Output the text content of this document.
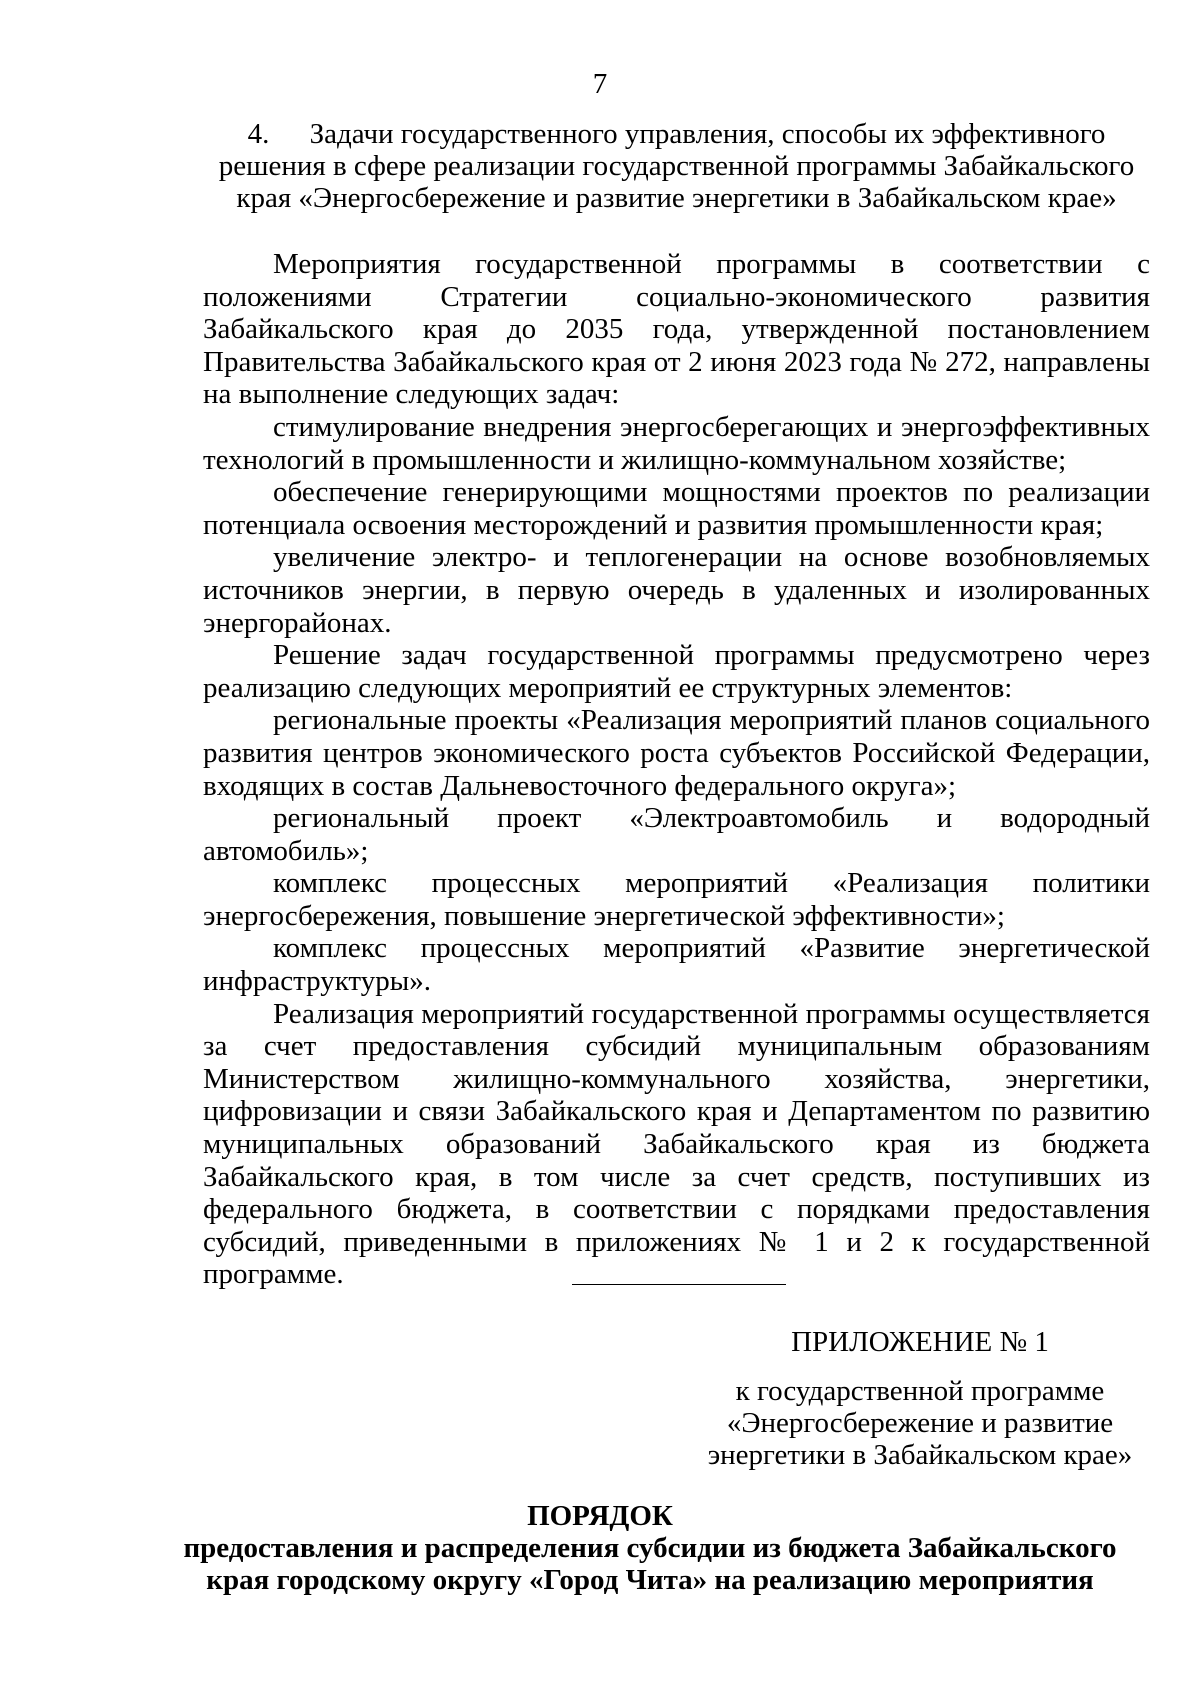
7
4. Задачи государственного управления, способы их эффективного
решения в сфере реализации государственной программы Забайкальского
края «Энергосбережение и развитие энергетики в Забайкальском крае»

Мероприятия государственной программы в соответствии с положениями Стратегии социально-экономического развития Забайкальского края до 2035 года, утвержденной постановлением Правительства Забайкальского края от 2 июня 2023 года № 272, направлены на выполнение следующих задач:

стимулирование внедрения энергосберегающих и энергоэффективных технологий в промышленности и жилищно-коммунальном хозяйстве;

обеспечение генерирующими мощностями проектов по реализации потенциала освоения месторождений и развития промышленности края;

увеличение электро- и теплогенерации на основе возобновляемых источников энергии, в первую очередь в удаленных и изолированных энергорайонах.

Решение задач государственной программы предусмотрено через реализацию следующих мероприятий ее структурных элементов:

региональные проекты «Реализация мероприятий планов социального развития центров экономического роста субъектов Российской Федерации, входящих в состав Дальневосточного федерального округа»;

региональный проект «Электроавтомобиль и водородный автомобиль»;

комплекс процессных мероприятий «Реализация политики энергосбережения, повышение энергетической эффективности»;

комплекс процессных мероприятий «Развитие энергетической инфраструктуры».

Реализация мероприятий государственной программы осуществляется за счет предоставления субсидий муниципальным образованиям Министерством жилищно-коммунального хозяйства, энергетики, цифровизации и связи Забайкальского края и Департаментом по развитию муниципальных образований Забайкальского края из бюджета Забайкальского края, в том числе за счет средств, поступивших из федерального бюджета, в соответствии с порядками предоставления субсидий, приведенными в приложениях № 1 и 2 к государственной программе.

ПРИЛОЖЕНИЕ № 1
к государственной программе
«Энергосбережение и развитие
энергетики в Забайкальском крае»
ПОРЯДОК
предоставления и распределения субсидии из бюджета Забайкальского
края городскому округу «Город Чита» на реализацию мероприятия
